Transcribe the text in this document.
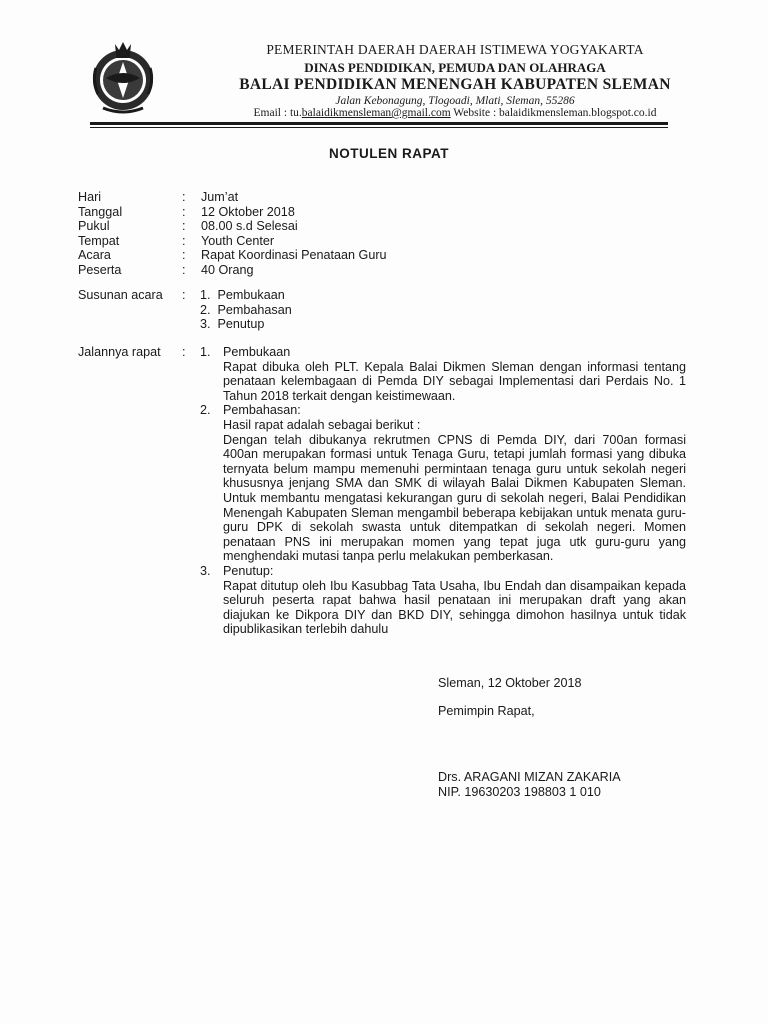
PEMERINTAH DAERAH DAERAH ISTIMEWA YOGYAKARTA
DINAS PENDIDIKAN, PEMUDA DAN OLAHRAGA
BALAI PENDIDIKAN MENENGAH KABUPATEN SLEMAN
Jalan Kebonagung, Tlogoadi, Mlati, Sleman, 55286
Email : tu.balaidikmensleman@gmail.com Website : balaidikmensleman.blogspot.co.id
NOTULEN RAPAT
Hari	: Jum’at
Tanggal	: 12 Oktober 2018
Pukul	: 08.00 s.d Selesai
Tempat	: Youth Center
Acara	: Rapat Koordinasi Penataan Guru
Peserta	: 40 Orang
Susunan acara : 1.  Pembukaan
2.  Pembahasan
3.  Penutup
Jalannya rapat : 1. Pembukaan
Rapat dibuka oleh PLT. Kepala Balai Dikmen Sleman dengan informasi tentang penataan kelembagaan di Pemda DIY sebagai Implementasi dari Perdais No. 1 Tahun 2018 terkait dengan keistimewaan.
2. Pembahasan:
Hasil rapat adalah sebagai berikut :
Dengan telah dibukanya rekrutmen CPNS di Pemda DIY, dari 700an formasi 400an merupakan formasi untuk Tenaga Guru, tetapi jumlah formasi yang dibuka ternyata belum mampu memenuhi permintaan tenaga guru untuk sekolah negeri khususnya jenjang SMA dan SMK di wilayah Balai Dikmen Kabupaten Sleman. Untuk membantu mengatasi kekurangan guru di sekolah negeri, Balai Pendidikan Menengah Kabupaten Sleman mengambil beberapa kebijakan untuk menata guru-guru DPK di sekolah swasta untuk ditempatkan di sekolah negeri. Momen penataan PNS ini merupakan momen yang tepat juga utk guru-guru yang menghendaki mutasi tanpa perlu melakukan pemberkasan.
3. Penutup:
Rapat ditutup oleh Ibu Kasubbag Tata Usaha, Ibu Endah dan disampaikan kepada seluruh peserta rapat bahwa hasil penataan ini merupakan draft yang akan diajukan ke Dikpora DIY dan BKD DIY, sehingga dimohon hasilnya untuk tidak dipublikasikan terlebih dahulu
Sleman, 12 Oktober 2018
Pemimpin Rapat,
Drs. ARAGANI MIZAN ZAKARIA
NIP. 19630203 198803 1 010
